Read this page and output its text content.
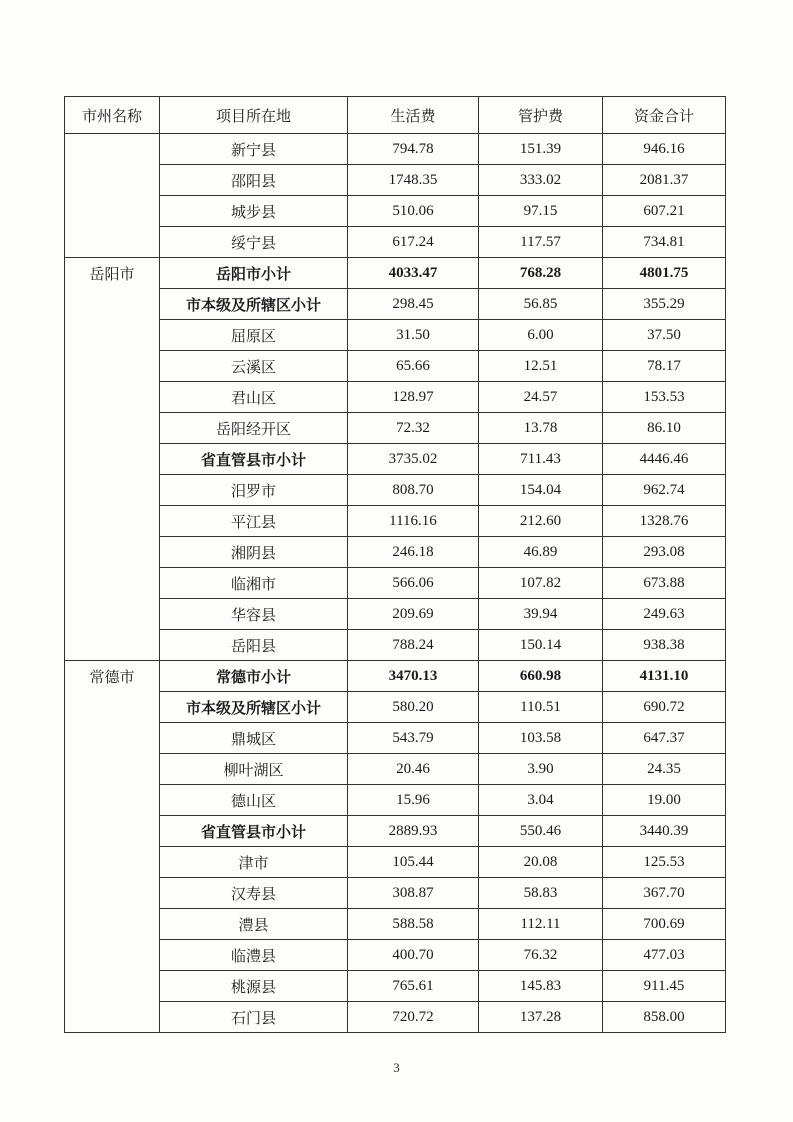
市州名称	项目所在地	生活费	管护费	资金合计
	新宁县	794.78	151.39	946.16
	邵阳县	1748.35	333.02	2081.37
	城步县	510.06	97.15	607.21
	绥宁县	617.24	117.57	734.81
岳阳市	岳阳市小计	4033.47	768.28	4801.75
	市本级及所辖区小计	298.45	56.85	355.29
	屈原区	31.50	6.00	37.50
	云溪区	65.66	12.51	78.17
	君山区	128.97	24.57	153.53
	岳阳经开区	72.32	13.78	86.10
	省直管县市小计	3735.02	711.43	4446.46
	汨罗市	808.70	154.04	962.74
	平江县	1116.16	212.60	1328.76
	湘阴县	246.18	46.89	293.08
	临湘市	566.06	107.82	673.88
	华容县	209.69	39.94	249.63
	岳阳县	788.24	150.14	938.38
常德市	常德市小计	3470.13	660.98	4131.10
	市本级及所辖区小计	580.20	110.51	690.72
	鼎城区	543.79	103.58	647.37
	柳叶湖区	20.46	3.90	24.35
	德山区	15.96	3.04	19.00
	省直管县市小计	2889.93	550.46	3440.39
	津市	105.44	20.08	125.53
	汉寿县	308.87	58.83	367.70
	澧县	588.58	112.11	700.69
	临澧县	400.70	76.32	477.03
	桃源县	765.61	145.83	911.45
	石门县	720.72	137.28	858.00
3
